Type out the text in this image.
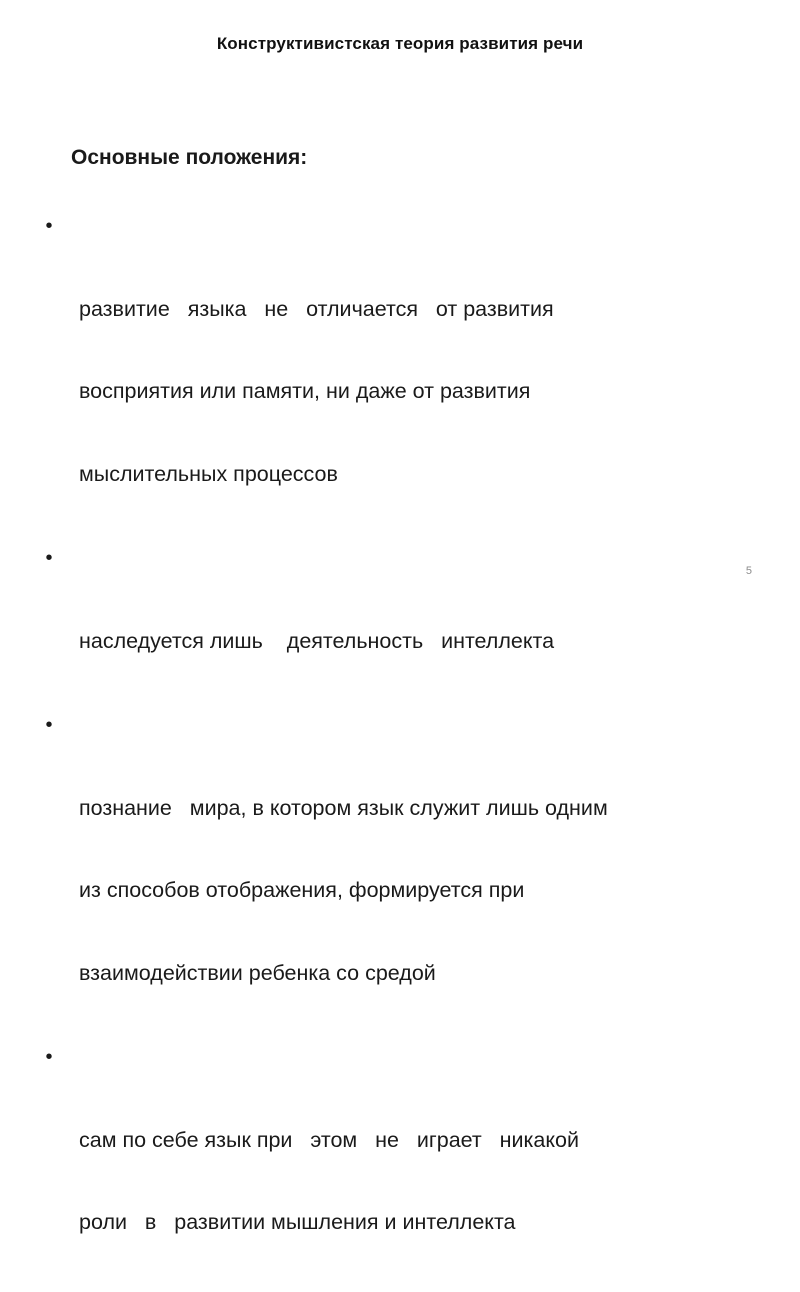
Конструктивистская теория развития речи
Основные положения:

•

развитие   языка   не   отличается   от развития

восприятия или памяти, ни даже от развития

мыслительных процессов

•

наследуется лишь    деятельность   интеллекта

•

познание   мира, в котором язык служит лишь одним

из способов отображения, формируется при

взаимодействии ребенка со средой

•

сам по себе язык при   этом   не   играет   никакой

роли   в   развитии мышления и интеллекта

5
